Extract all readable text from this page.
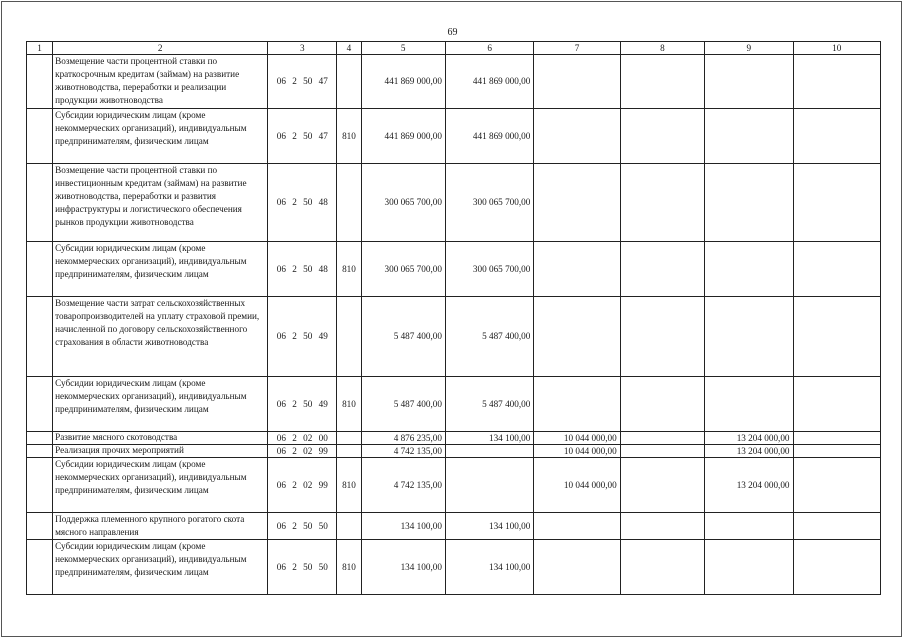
69
1	2	3	4	5	6	7	8	9	10
	Возмещение части процентной ставки по краткосрочным кредитам (займам) на развитие животноводства, переработки и реализации продукции животноводства	06 2 50 47		441 869 000,00	441 869 000,00				
	Субсидии юридическим лицам (кроме некоммерческих организаций), индивидуальным предпринимателям, физическим лицам	06 2 50 47	810	441 869 000,00	441 869 000,00				
	Возмещение части процентной ставки по инвестиционным кредитам (займам) на развитие животноводства, переработки и развития инфраструктуры и логистического обеспечения рынков продукции животноводства	06 2 50 48		300 065 700,00	300 065 700,00				
	Субсидии юридическим лицам (кроме некоммерческих организаций), индивидуальным предпринимателям, физическим лицам	06 2 50 48	810	300 065 700,00	300 065 700,00				
	Возмещение части затрат сельскохозяйственных товаропроизводителей на уплату страховой премии, начисленной по договору сельскохозяйственного страхования в области животноводства	06 2 50 49		5 487 400,00	5 487 400,00				
	Субсидии юридическим лицам (кроме некоммерческих организаций), индивидуальным предпринимателям, физическим лицам	06 2 50 49	810	5 487 400,00	5 487 400,00				
	Развитие мясного скотоводства	06 2 02 00		4 876 235,00	134 100,00	10 044 000,00		13 204 000,00	
	Реализация прочих мероприятий	06 2 02 99		4 742 135,00		10 044 000,00		13 204 000,00	
	Субсидии юридическим лицам (кроме некоммерческих организаций), индивидуальным предпринимателям, физическим лицам	06 2 02 99	810	4 742 135,00		10 044 000,00		13 204 000,00	
	Поддержка племенного крупного рогатого скота мясного направления	06 2 50 50		134 100,00	134 100,00				
	Субсидии юридическим лицам (кроме некоммерческих организаций), индивидуальным предпринимателям, физическим лицам	06 2 50 50	810	134 100,00	134 100,00				
